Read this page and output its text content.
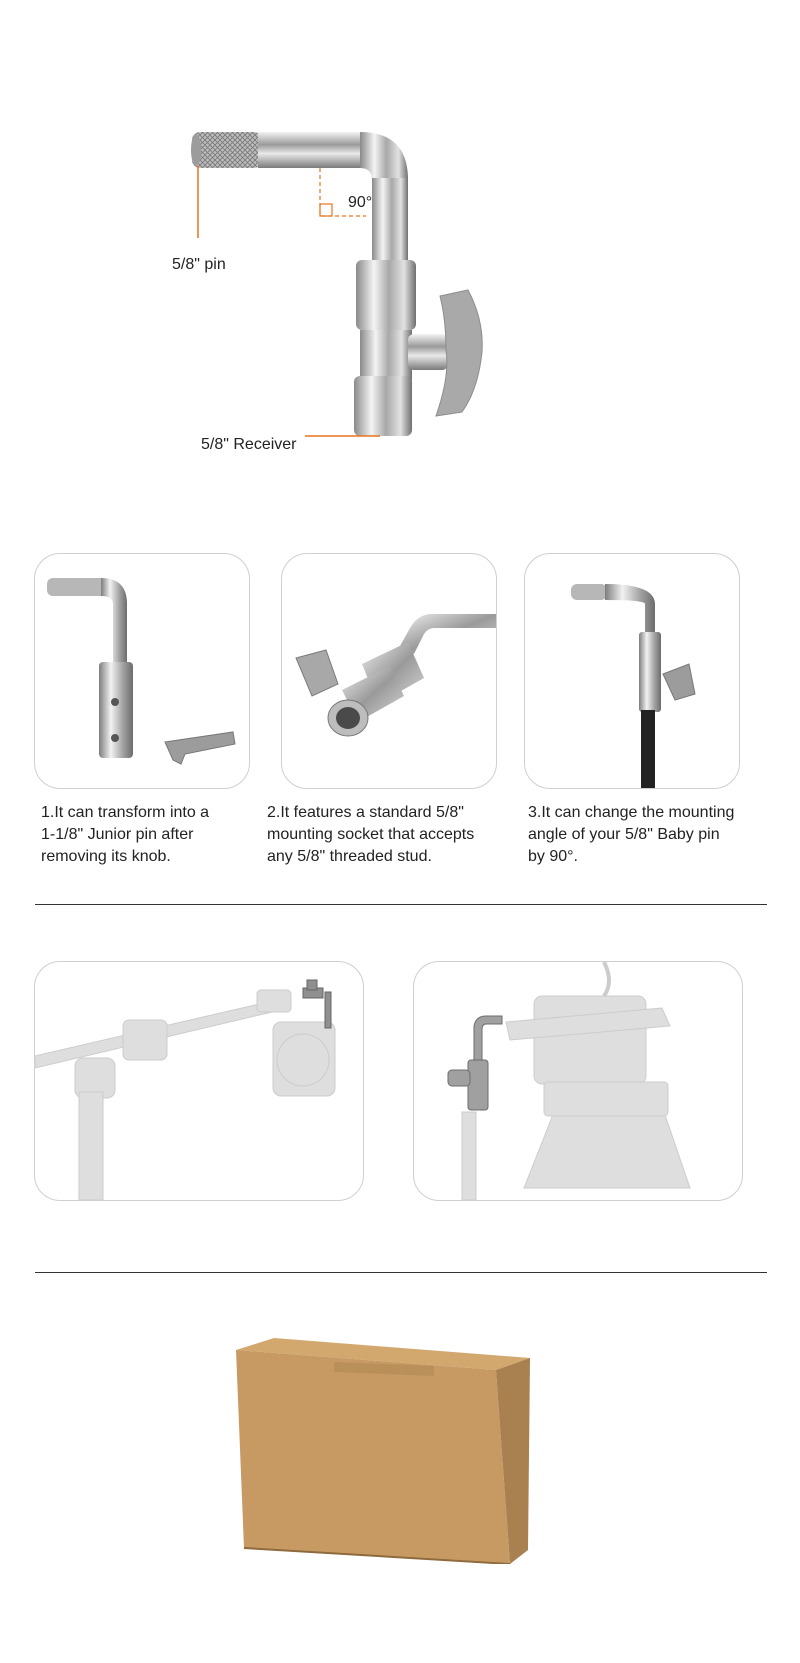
5/8" pin
90°
5/8" Receiver
1.It can transform into a
1-1/8" Junior pin after
removing its knob.
2.It features a standard 5/8"
mounting socket that accepts
any 5/8" threaded stud.
3.It can change the mounting
angle of your 5/8" Baby pin
by 90°.
